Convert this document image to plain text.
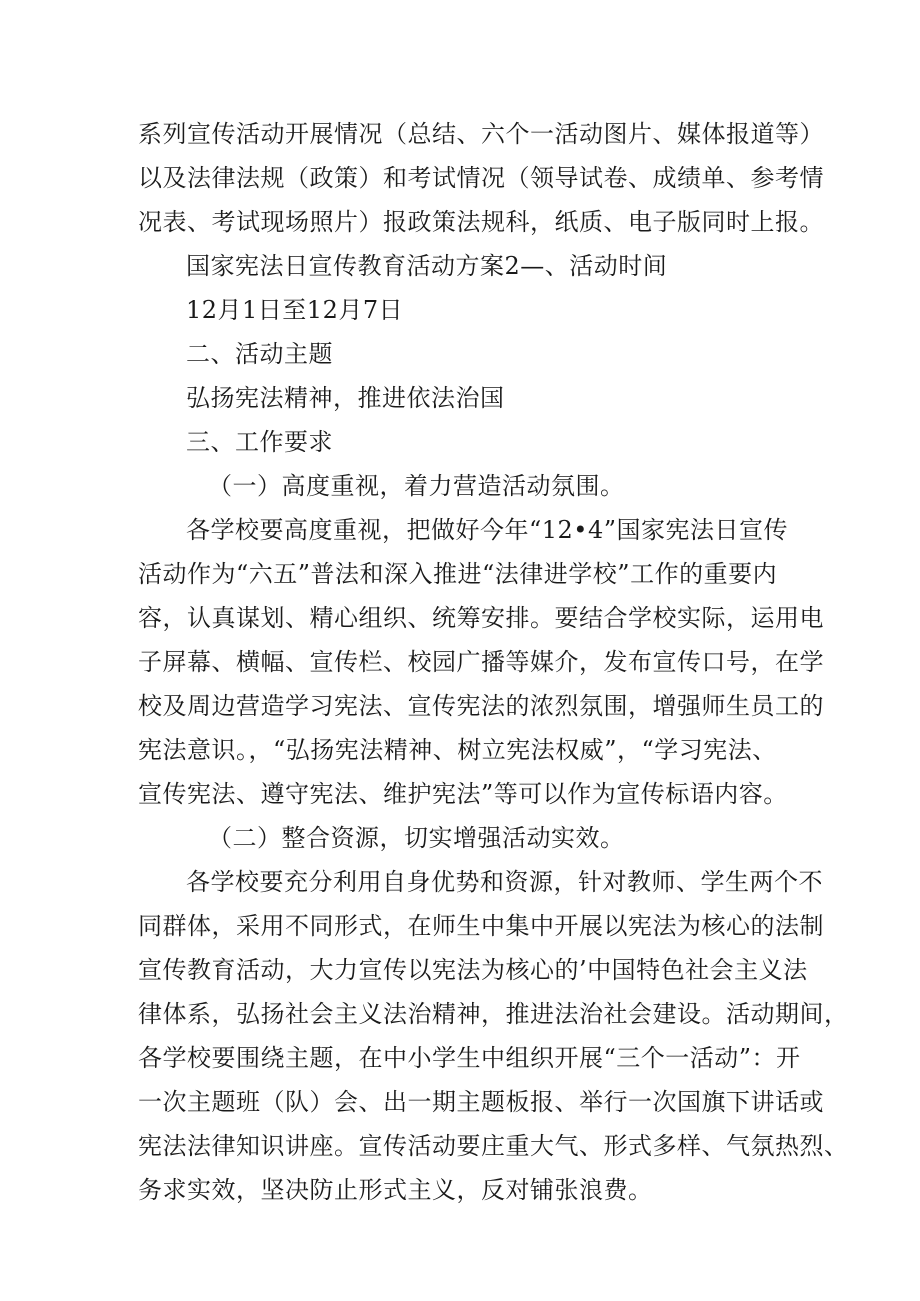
系列宣传活动开展情况（总结、六个一活动图片、媒体报道等）
以及法律法规（政策）和考试情况（领导试卷、成绩单、参考情
况表、考试现场照片）报政策法规科，纸质、电子版同时上报。
国家宪法日宣传教育活动方案2—、活动时间
12月1日至12月7日
二、活动主题
弘扬宪法精神，推进依法治国
三、工作要求
（一）高度重视，着力营造活动氛围。
各学校要高度重视，把做好今年“12•4”国家宪法日宣传
活动作为“六五”普法和深入推进“法律进学校”工作的重要内
容，认真谋划、精心组织、统筹安排。要结合学校实际，运用电
子屏幕、横幅、宣传栏、校园广播等媒介，发布宣传口号，在学
校及周边营造学习宪法、宣传宪法的浓烈氛围，增强师生员工的
宪法意识。，“弘扬宪法精神、树立宪法权威”，“学习宪法、
宣传宪法、遵守宪法、维护宪法”等可以作为宣传标语内容。
（二）整合资源，切实增强活动实效。
各学校要充分利用自身优势和资源，针对教师、学生两个不
同群体，采用不同形式，在师生中集中开展以宪法为核心的法制
宣传教育活动，大力宣传以宪法为核心的’中国特色社会主义法
律体系，弘扬社会主义法治精神，推进法治社会建设。活动期间，
各学校要围绕主题，在中小学生中组织开展“三个一活动”：开
一次主题班（队）会、出一期主题板报、举行一次国旗下讲话或
宪法法律知识讲座。宣传活动要庄重大气、形式多样、气氛热烈、
务求实效，坚决防止形式主义，反对铺张浪费。
